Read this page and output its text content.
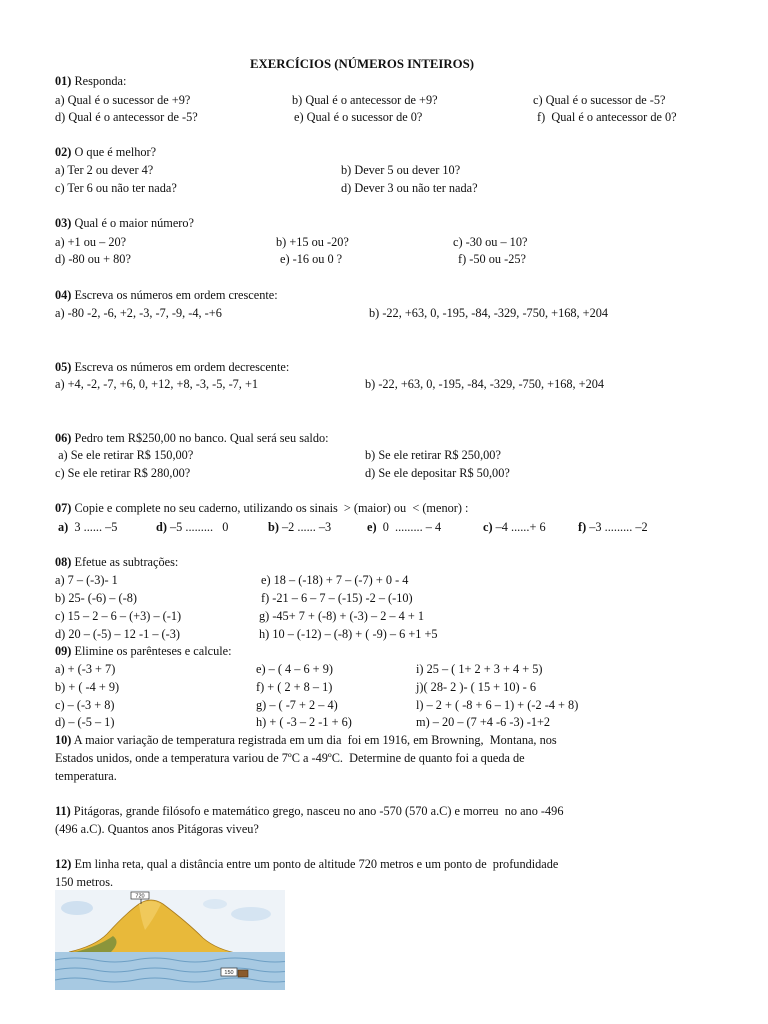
EXERCÍCIOS (NÚMEROS INTEIROS)
01) Responda:
a) Qual é o sucessor de +9?	b) Qual é o antecessor de +9?	c) Qual é o sucessor de -5?
d) Qual é o antecessor de -5?	e) Qual é o sucessor de 0?	f)  Qual é o antecessor de 0?
02) O que é melhor?
a) Ter 2 ou dever 4?	b) Dever 5 ou dever 10?
c) Ter 6 ou não ter nada?	d) Dever 3 ou não ter nada?
03) Qual é o maior número?
a) +1 ou – 20?	b) +15 ou -20?	c) -30 ou – 10?
d) -80 ou + 80?	e) -16 ou 0 ?	f) -50 ou -25?
04) Escreva os números em ordem crescente:
a) -80 -2, -6, +2, -3, -7, -9, -4, -+6	b) -22, +63, 0, -195, -84, -329, -750, +168, +204
05) Escreva os números em ordem decrescente:
a) +4, -2, -7, +6, 0, +12, +8, -3, -5, -7, +1	b) -22, +63, 0, -195, -84, -329, -750, +168, +204
06) Pedro tem R$250,00 no banco. Qual será seu saldo:
a) Se ele retirar R$ 150,00?	b) Se ele retirar R$ 250,00?
c) Se ele retirar R$ 280,00?	d) Se ele depositar R$ 50,00?
07) Copie e complete no seu caderno, utilizando os sinais  > (maior) ou  < (menor) :
a)  3 ...... –5	d) –5 .........   0	b) –2 ...... –3	e)  0  ......... – 4	c) –4 ......+ 6	f) –3 ......... –2
08) Efetue as subtrações:
a) 7 – (-3)- 1	e) 18 – (-18) + 7 – (-7) + 0 - 4
b) 25- (-6) – (-8)	f) -21 – 6 – 7 – (-15) -2 – (-10)
c) 15 – 2 – 6 – (+3) – (-1)	g) -45+ 7 + (-8) + (-3) – 2 – 4 + 1
d) 20 – (-5) – 12 -1 – (-3)	h) 10 – (-12) – (-8) + ( -9) – 6 +1 +5
09) Elimine os parênteses e calcule:
a) + (-3 + 7)	e) – ( 4 – 6 + 9)	i) 25 – ( 1+ 2 + 3 + 4 + 5)
b) + ( -4 + 9)	f) + ( 2 + 8 – 1)	j)( 28- 2 )- ( 15 + 10) - 6
c) – (-3 + 8)	g) – ( -7 + 2 – 4)	l) – 2 + ( -8 + 6 – 1) + (-2 -4 + 8)
d) – (-5 – 1)	h) + ( -3 – 2 -1 + 6)	m) – 20 – (7 +4 -6 -3) -1+2
10) A maior variação de temperatura registrada em um dia  foi em 1916, em Browning,  Montana, nos
Estados unidos, onde a temperatura variou de 7ºC a -49ºC.  Determine de quanto foi a queda de
temperatura.
11) Pitágoras, grande filósofo e matemático grego, nasceu no ano -570 (570 a.C) e morreu  no ano -496
(496 a.C). Quantos anos Pitágoras viveu?
12) Em linha reta, qual a distância entre um ponto de altitude 720 metros e um ponto de  profundidade
150 metros.
720
150
